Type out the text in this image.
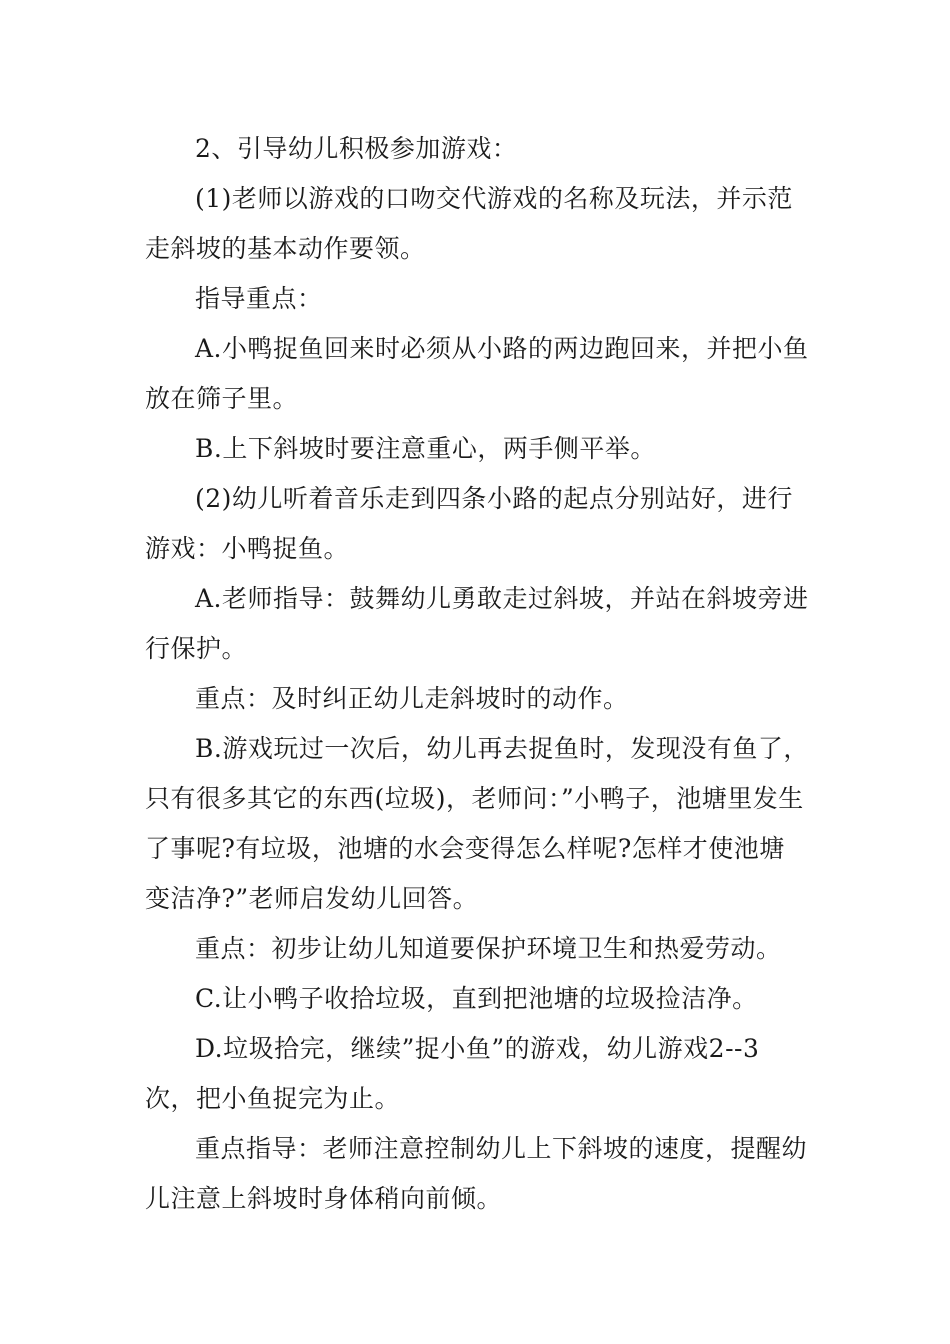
2、引导幼儿积极参加游戏：

(1)老师以游戏的口吻交代游戏的名称及玩法，并示范走斜坡的基本动作要领。

指导重点：

A.小鸭捉鱼回来时必须从小路的两边跑回来，并把小鱼放在筛子里。

B.上下斜坡时要注意重心，两手侧平举。

(2)幼儿听着音乐走到四条小路的起点分别站好，进行游戏：小鸭捉鱼。

A.老师指导：鼓舞幼儿勇敢走过斜坡，并站在斜坡旁进行保护。

重点：及时纠正幼儿走斜坡时的动作。

B.游戏玩过一次后，幼儿再去捉鱼时，发现没有鱼了，只有很多其它的东西(垃圾)，老师问：”小鸭子，池塘里发生了事呢?有垃圾，池塘的水会变得怎么样呢?怎样才使池塘变洁净?”老师启发幼儿回答。

重点：初步让幼儿知道要保护环境卫生和热爱劳动。

C.让小鸭子收拾垃圾，直到把池塘的垃圾捡洁净。

D.垃圾拾完，继续”捉小鱼”的游戏，幼儿游戏2--3次，把小鱼捉完为止。

重点指导：老师注意控制幼儿上下斜坡的速度，提醒幼儿注意上斜坡时身体稍向前倾。
